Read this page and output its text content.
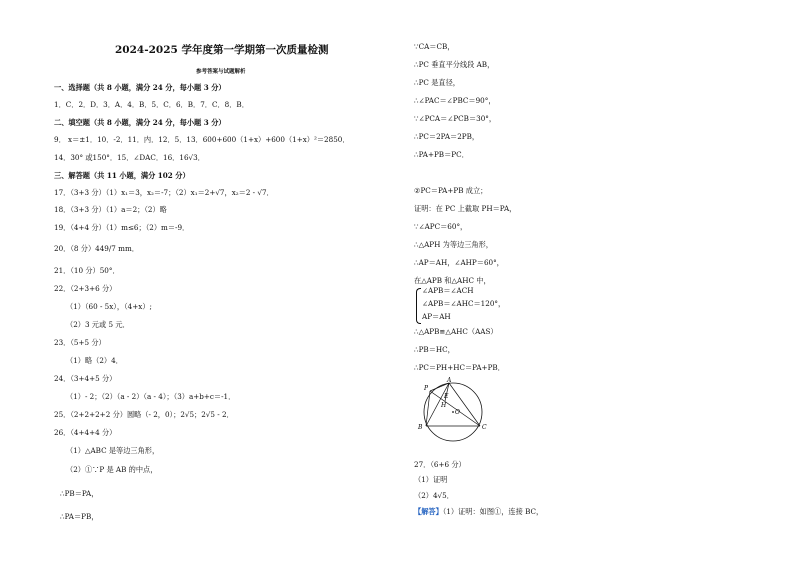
2024-2025 学年度第一学期第一次质量检测
参考答案与试题解析
一、选择题（共 8 小题，满分 24 分，每小题 3 分）
1．C．2．D．3．A．4．B．5．C．6．B．7．C．8．B．
二、填空题（共 8 小题，满分 24 分，每小题 3 分）
9． x＝±1．10．-2．11．内．12．5．13．600+600（1+x）+600（1+x）²＝2850．
14．30° 或150°．15．∠DAC．16．16√3．
三、解答题（共 11 小题，满分 102 分）
17．（3+3 分）（1）x₁＝3，x₂＝-7；（2）x₁＝2+√7，x₂＝2 - √7．
18．（3+3 分）（1）a＝2；（2）略
19．（4+4 分）（1）m≤6；（2）m＝-9．
20．（8 分）449/7 mm．
21．（10 分）50°．
22．（2+3+6 分）
（1）（60 - 5x），（4+x）;
（2）3 元或 5 元．
23．（5+5 分）
（1）略（2）4．
24．（3+4+5 分）
（1）- 2；（2）（a - 2）（a - 4）；（3）a+b+c＝-1．
25．（2+2+2+2 分）圆略（- 2，0）；2√5；2√5 - 2．
26．（4+4+4 分）
（1）△ABC 是等边三角形，
（2）①∵P 是 AB 的中点，
∴PB＝PA，
∴PA＝PB，
∵CA＝CB，
∴PC 垂直平分线段 AB，
∴PC 是直径，
∴∠PAC＝∠PBC＝90°，
∵∠PCA＝∠PCB＝30°，
∴PC＝2PA＝2PB，
∴PA+PB＝PC．
②PC＝PA+PB 成立；
证明：在 PC 上截取 PH＝PA，
∵∠APC＝60°，
∴△APH 为等边三角形，
∴AP＝AH，∠AHP＝60°，
在△APB 和△AHC 中，
∠APB＝∠ACH
∠APB＝∠AHC＝120°，
AP＝AH
∴△APB≌△AHC（AAS）
∴PB＝HC，
∴PC＝PH+HC＝PA+PB．
P
A
E
H
O
B	C
27．（6+6 分）
（1）证明
（2）4√5．
【解答】（1）证明：如图①，连接 BC，
